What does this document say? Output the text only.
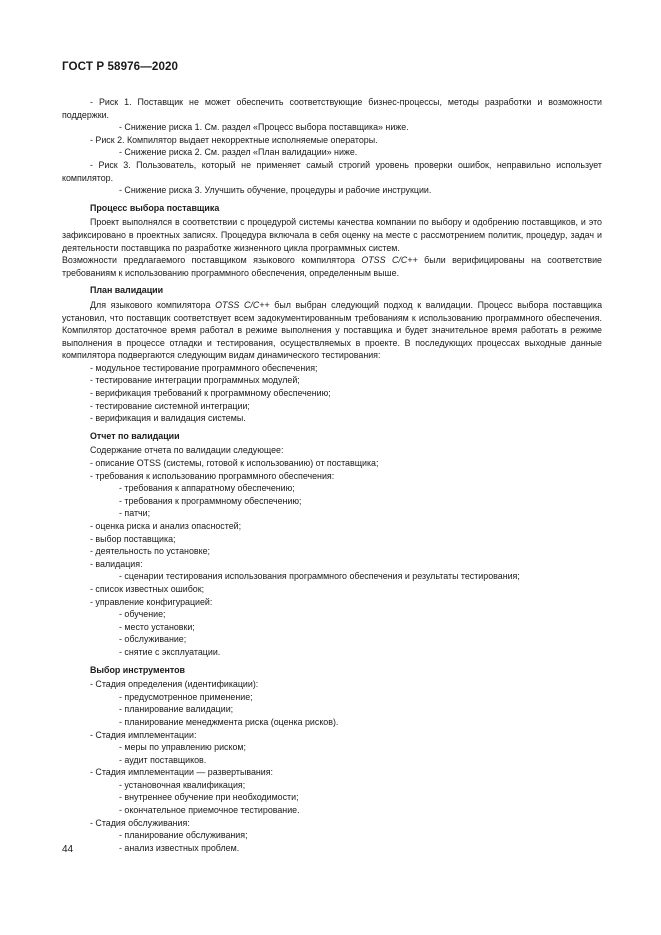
ГОСТ Р 58976—2020

- Риск 1. Поставщик не может обеспечить соответствующие бизнес-процессы, методы разработки и возможности поддержки.

- Снижение риска 1. См. раздел «Процесс выбора поставщика» ниже.

- Риск 2. Компилятор выдает некорректные исполняемые операторы.

- Снижение риска 2. См. раздел «План валидации» ниже.

- Риск 3. Пользователь, который не применяет самый строгий уровень проверки ошибок, неправильно использует компилятор.

- Снижение риска 3. Улучшить обучение, процедуры и рабочие инструкции.

Процесс выбора поставщика

Проект выполнялся в соответствии с процедурой системы качества компании по выбору и одобрению поставщиков, и это зафиксировано в проектных записях. Процедура включала в себя оценку на месте с рассмотрением политик, процедур, задач и деятельности поставщика по разработке жизненного цикла программных систем.

Возможности предлагаемого поставщиком языкового компилятора OTSS С/С++ были верифицированы на соответствие требованиям к использованию программного обеспечения, определенным выше.

План валидации

Для языкового компилятора OTSS С/С++ был выбран следующий подход к валидации. Процесс выбора поставщика установил, что поставщик соответствует всем задокументированным требованиям к использованию программного обеспечения. Компилятор достаточное время работал в режиме выполнения у поставщика и будет значительное время работать в режиме выполнения в процессе отладки и тестирования, осуществляемых в проекте. В последующих процессах выходные данные компилятора подвергаются следующим видам динамического тестирования:

- модульное тестирование программного обеспечения;

- тестирование интеграции программных модулей;

- верификация требований к программному обеспечению;

- тестирование системной интеграции;

- верификация и валидация системы.

Отчет по валидации

Содержание отчета по валидации следующее:

- описание OTSS (системы, готовой к использованию) от поставщика;

- требования к использованию программного обеспечения:

- требования к аппаратному обеспечению;

- требования к программному обеспечению;

- патчи;

- оценка риска и анализ опасностей;

- выбор поставщика;

- деятельность по установке;

- валидация:

- сценарии тестирования использования программного обеспечения и результаты тестирования;

- список известных ошибок;

- управление конфигурацией:

- обучение;

- место установки;

- обслуживание;

- снятие с эксплуатации.

Выбор инструментов

- Стадия определения (идентификации):

- предусмотренное применение;

- планирование валидации;

- планирование менеджмента риска (оценка рисков).

- Стадия имплементации:

- меры по управлению риском;

- аудит поставщиков.

- Стадия имплементации — развертывания:

- установочная квалификация;

- внутреннее обучение при необходимости;

- окончательное приемочное тестирование.

- Стадия обслуживания:

- планирование обслуживания;

- анализ известных проблем.

44
